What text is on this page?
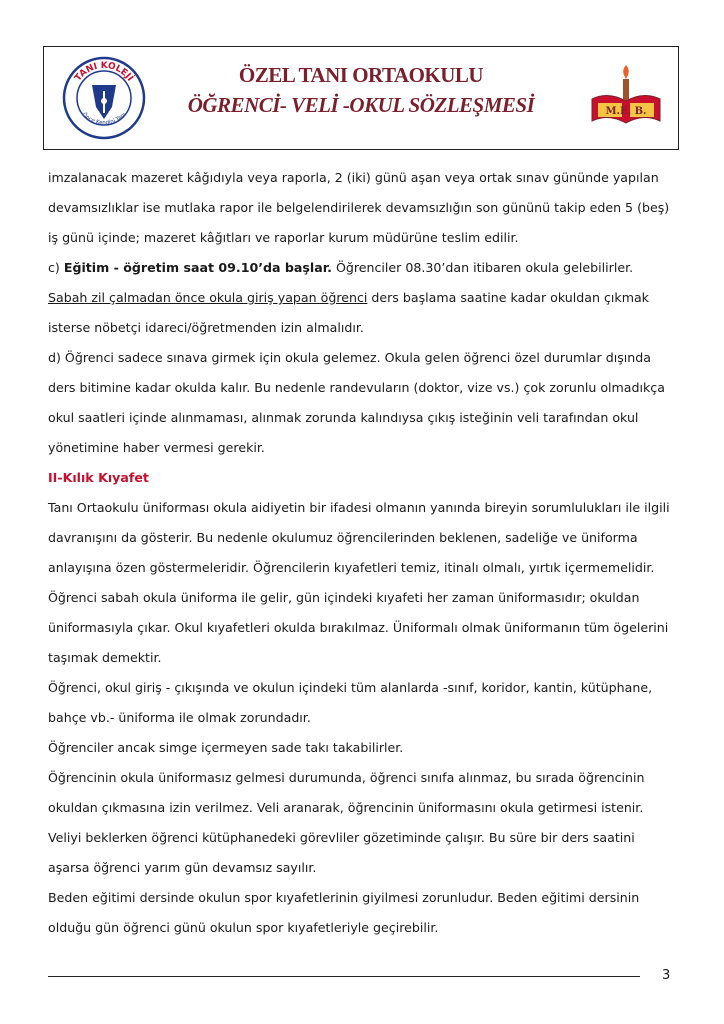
TANI KOLEJİ
Önce Kendini Tanı
ÖZEL TANI ORTAOKULU
ÖĞRENCİ- VELİ -OKUL SÖZLEŞMESİ	M.E. B.

imzalanacak mazeret kâğıdıyla veya raporla, 2 (iki) günü aşan veya ortak sınav gününde yapılan devamsızlıklar ise mutlaka rapor ile belgelendirilerek devamsızlığın son gününü takip eden 5 (beş) iş günü içinde; mazeret kâğıtları ve raporlar kurum müdürüne teslim edilir.

c) Eğitim - öğretim saat 09.10’da başlar. Öğrenciler 08.30’dan itibaren okula gelebilirler. Sabah zil çalmadan önce okula giriş yapan öğrenci ders başlama saatine kadar okuldan çıkmak isterse nöbetçi idareci/öğretmenden izin almalıdır.

d) Öğrenci sadece sınava girmek için okula gelemez. Okula gelen öğrenci özel durumlar dışında ders bitimine kadar okulda kalır. Bu nedenle randevuların (doktor, vize vs.) çok zorunlu olmadıkça okul saatleri içinde alınmaması, alınmak zorunda kalındıysa çıkış isteğinin veli tarafından okul yönetimine haber vermesi gerekir.

II-Kılık Kıyafet

Tanı Ortaokulu üniforması okula aidiyetin bir ifadesi olmanın yanında bireyin sorumlulukları ile ilgili davranışını da gösterir. Bu nedenle okulumuz öğrencilerinden beklenen, sadeliğe ve üniforma anlayışına özen göstermeleridir. Öğrencilerin kıyafetleri temiz, itinalı olmalı, yırtık içermemelidir. Öğrenci sabah okula üniforma ile gelir, gün içindeki kıyafeti her zaman üniformasıdır; okuldan üniformasıyla çıkar. Okul kıyafetleri okulda bırakılmaz. Üniformalı olmak üniformanın tüm ögelerini taşımak demektir.

Öğrenci, okul giriş - çıkışında ve okulun içindeki tüm alanlarda -sınıf, koridor, kantin, kütüphane, bahçe vb.- üniforma ile olmak zorundadır.

Öğrenciler ancak simge içermeyen sade takı takabilirler.

Öğrencinin okula üniformasız gelmesi durumunda, öğrenci sınıfa alınmaz, bu sırada öğrencinin okuldan çıkmasına izin verilmez. Veli aranarak, öğrencinin üniformasını okula getirmesi istenir. Veliyi beklerken öğrenci kütüphanedeki görevliler gözetiminde çalışır. Bu süre bir ders saatini aşarsa öğrenci yarım gün devamsız sayılır.

Beden eğitimi dersinde okulun spor kıyafetlerinin giyilmesi zorunludur. Beden eğitimi dersinin olduğu gün öğrenci günü okulun spor kıyafetleriyle geçirebilir.

3
